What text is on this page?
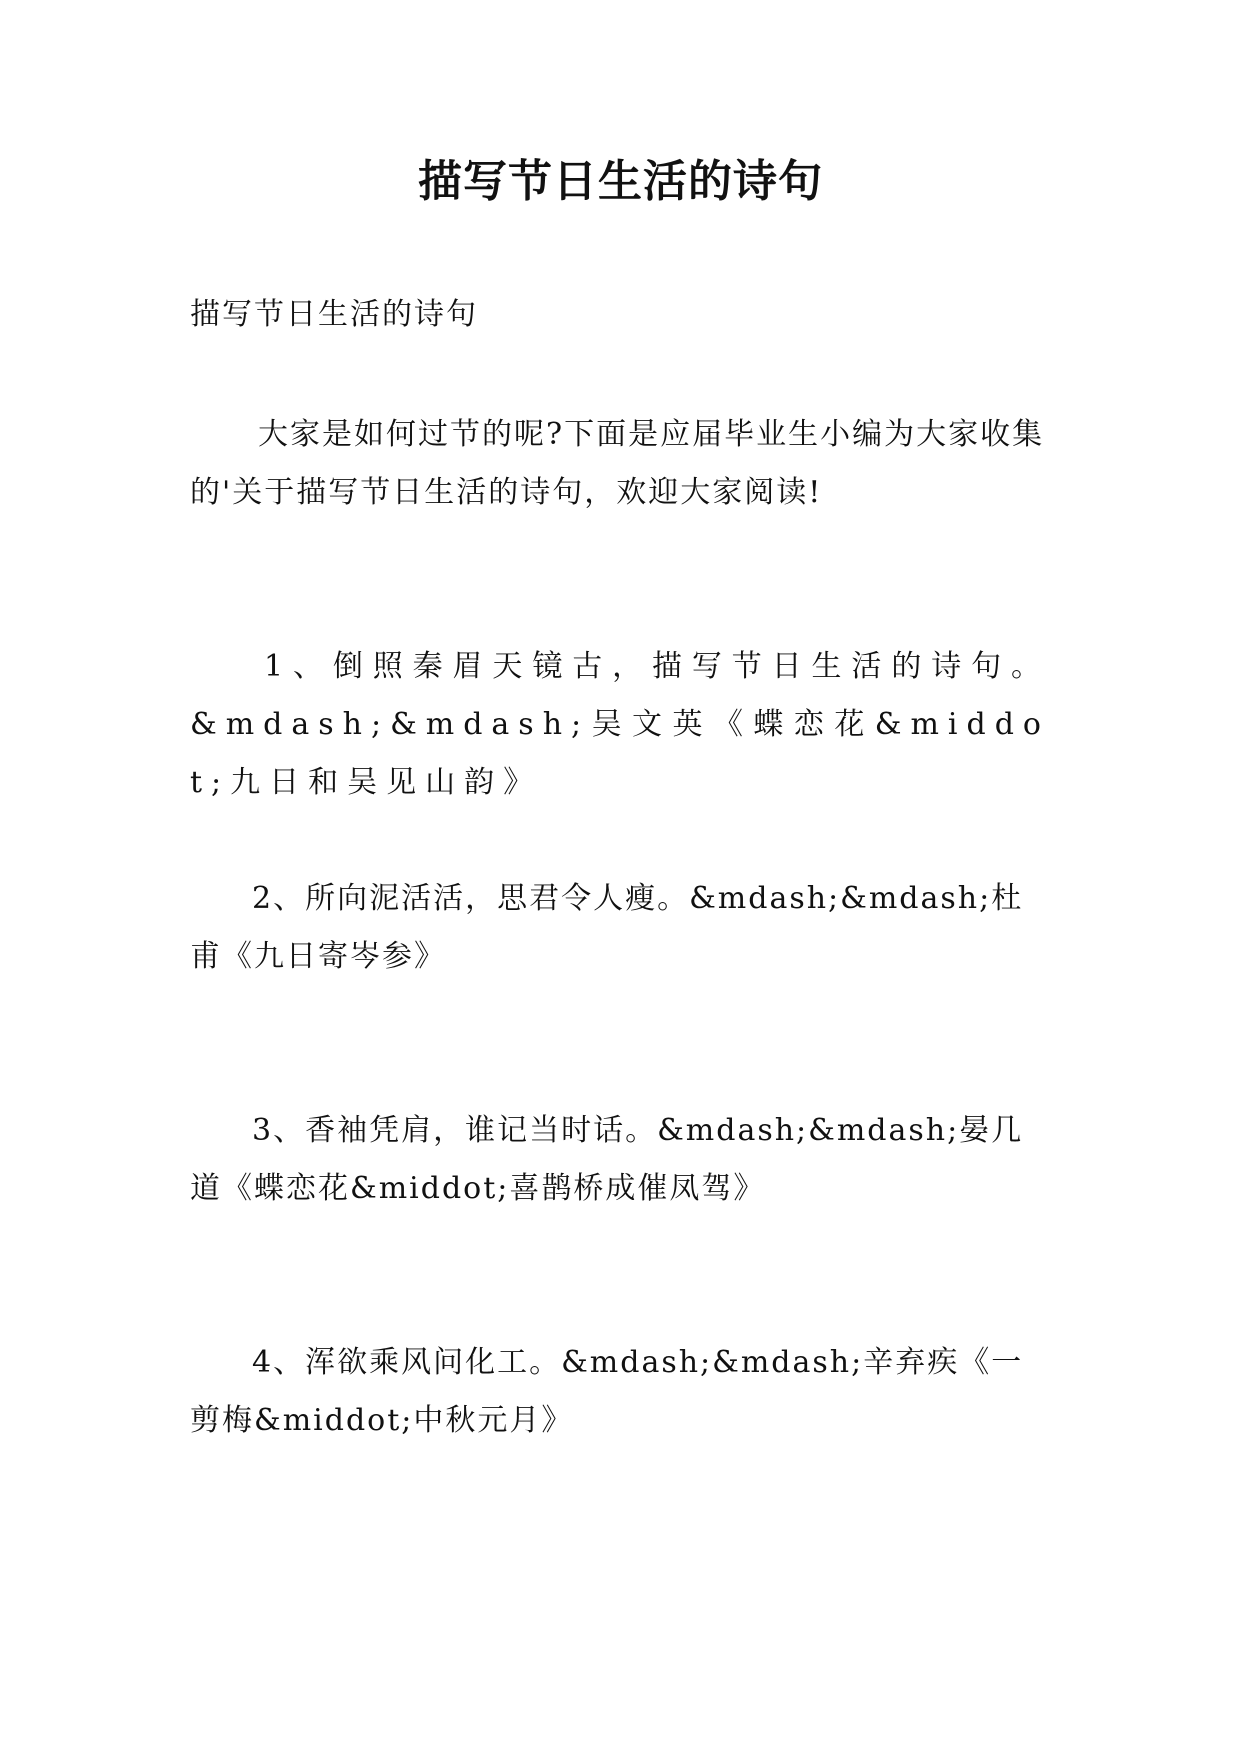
描写节日生活的诗句

描写节日生活的诗句

大家是如何过节的呢?下面是应届毕业生小编为大家收集的'关于描写节日生活的诗句，欢迎大家阅读!

1、倒照秦眉天镜古，描写节日生活的诗句。&mdash;&mdash;吴文英《蝶恋花&middot;九日和吴见山韵》

2、所向泥活活，思君令人瘦。&mdash;&mdash;杜甫《九日寄岑参》

3、香袖凭肩，谁记当时话。&mdash;&mdash;晏几道《蝶恋花&middot;喜鹊桥成催凤驾》

4、浑欲乘风问化工。&mdash;&mdash;辛弃疾《一剪梅&middot;中秋元月》
